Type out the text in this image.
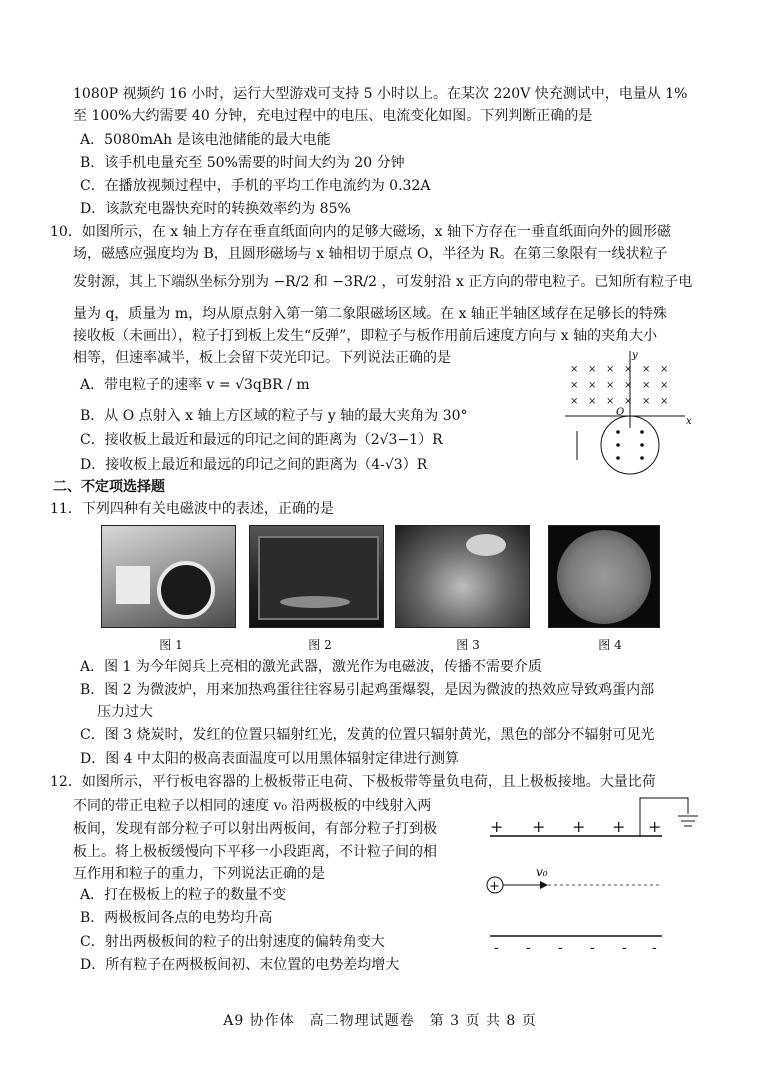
1080P 视频约 16 小时，运行大型游戏可支持 5 小时以上。在某次 220V 快充测试中，电量从 1%
至 100%大约需要 40 分钟，充电过程中的电压、电流变化如图。下列判断正确的是
A．5080mAh 是该电池储能的最大电能
B．该手机电量充至 50%需要的时间大约为 20 分钟
C．在播放视频过程中，手机的平均工作电流约为 0.32A
D．该款充电器快充时的转换效率约为 85%
10．如图所示，在 x 轴上方存在垂直纸面向内的足够大磁场，x 轴下方存在一垂直纸面向外的圆形磁
场，磁感应强度均为 B，且圆形磁场与 x 轴相切于原点 O，半径为 R。在第三象限有一线状粒子
发射源，其上下端纵坐标分别为 −R/2 和 −3R/2 ，可发射沿 x 正方向的带电粒子。已知所有粒子电
量为 q，质量为 m，均从原点射入第一第二象限磁场区域。在 x 轴正半轴区域存在足够长的特殊
接收板（未画出），粒子打到板上发生“反弹”，即粒子与板作用前后速度方向与 x 轴的夹角大小
相等，但速率减半，板上会留下荧光印记。下列说法正确的是
A．带电粒子的速率 v = √3qBR / m
B．从 O 点射入 x 轴上方区域的粒子与 y 轴的最大夹角为 30°
C．接收板上最近和最远的印记之间的距离为（2√3−1）R
D．接收板上最近和最远的印记之间的距离为（4-√3）R
× × × × × ×
× × × × × ×
× × × × × ×
y
x
O
二、不定项选择题
11．下列四种有关电磁波中的表述，正确的是
图 1	图 2	图 3	图 4
A．图 1 为今年阅兵上亮相的激光武器，激光作为电磁波，传播不需要介质
B．图 2 为微波炉，用来加热鸡蛋往往容易引起鸡蛋爆裂，是因为微波的热效应导致鸡蛋内部
压力过大
C．图 3 烧炭时，发红的位置只辐射红光，发黄的位置只辐射黄光，黑色的部分不辐射可见光
D．图 4 中太阳的极高表面温度可以用黑体辐射定律进行测算
12．如图所示，平行板电容器的上极板带正电荷、下极板带等量负电荷，且上极板接地。大量比荷
不同的带正电粒子以相同的速度 v₀ 沿两极板的中线射入两
板间，发现有部分粒子可以射出两板间，有部分粒子打到极
板上。将上极板缓慢向下平移一小段距离，不计粒子间的相
互作用和粒子的重力，下列说法正确的是
A．打在极板上的粒子的数量不变
B．两极板间各点的电势均升高
C．射出两极板间的粒子的出射速度的偏转角变大
D．所有粒子在两极板间初、末位置的电势差均增大
+ + + + +
+
v₀
- - - - - -
A9 协作体　高二物理试题卷　第 3 页 共 8 页
